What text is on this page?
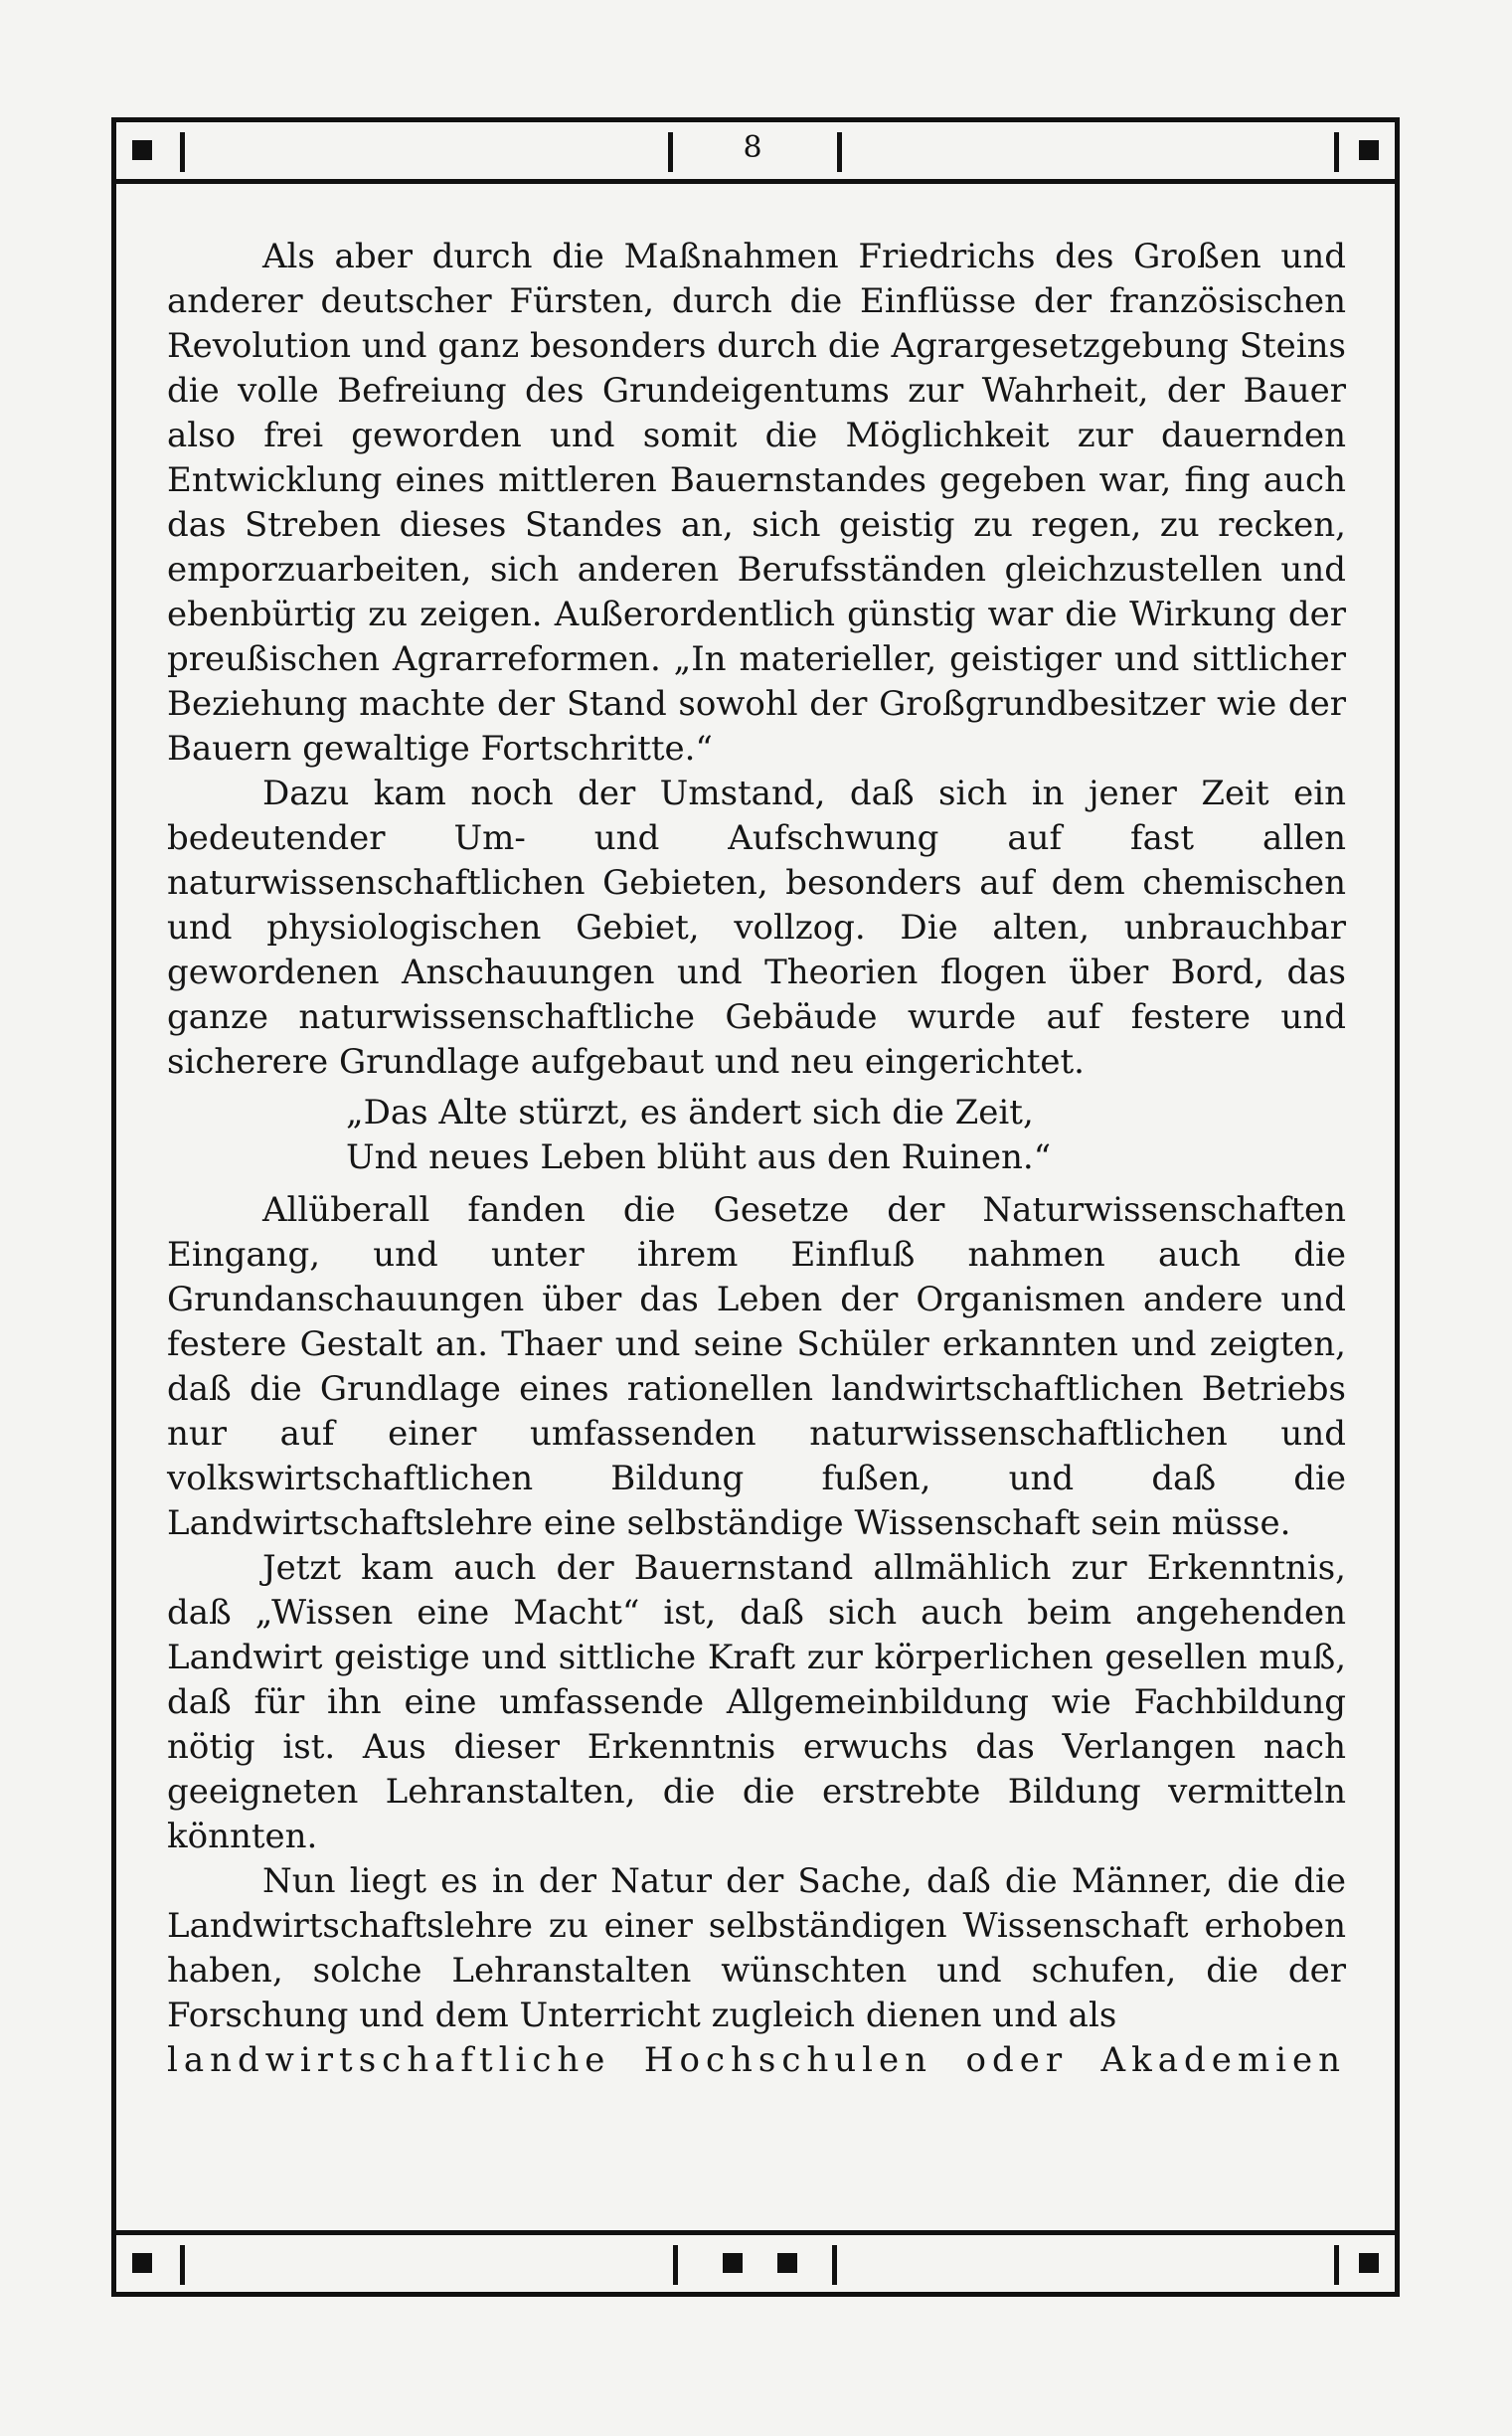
8

Als aber durch die Maßnahmen Friedrichs des Großen und anderer deutscher Fürsten, durch die Einflüsse der französischen Revolution und ganz besonders durch die Agrargesetzgebung Steins die volle Befreiung des Grundeigentums zur Wahrheit, der Bauer also frei geworden und somit die Möglichkeit zur dauernden Entwicklung eines mittleren Bauernstandes gegeben war, fing auch das Streben dieses Standes an, sich geistig zu regen, zu recken, emporzuarbeiten, sich anderen Berufsständen gleichzustellen und ebenbürtig zu zeigen. Außerordentlich günstig war die Wirkung der preußischen Agrarreformen. „In materieller, geistiger und sittlicher Beziehung machte der Stand sowohl der Großgrundbesitzer wie der Bauern gewaltige Fortschritte.“

Dazu kam noch der Umstand, daß sich in jener Zeit ein bedeutender Um- und Aufschwung auf fast allen naturwissenschaftlichen Gebieten, besonders auf dem chemischen und physiologischen Gebiet, vollzog. Die alten, unbrauchbar gewordenen Anschauungen und Theorien flogen über Bord, das ganze naturwissenschaftliche Gebäude wurde auf festere und sicherere Grundlage aufgebaut und neu eingerichtet.

„Das Alte stürzt, es ändert sich die Zeit,

Und neues Leben blüht aus den Ruinen.“

Allüberall fanden die Gesetze der Naturwissenschaften Eingang, und unter ihrem Einfluß nahmen auch die Grundanschauungen über das Leben der Organismen andere und festere Gestalt an. Thaer und seine Schüler erkannten und zeigten, daß die Grundlage eines rationellen landwirtschaftlichen Betriebs nur auf einer umfassenden naturwissenschaftlichen und volkswirtschaftlichen Bildung fußen, und daß die Landwirtschaftslehre eine selbständige Wissenschaft sein müsse.

Jetzt kam auch der Bauernstand allmählich zur Erkenntnis, daß „Wissen eine Macht“ ist, daß sich auch beim angehenden Landwirt geistige und sittliche Kraft zur körperlichen gesellen muß, daß für ihn eine umfassende Allgemeinbildung wie Fachbildung nötig ist. Aus dieser Erkenntnis erwuchs das Verlangen nach geeigneten Lehranstalten, die die erstrebte Bildung vermitteln könnten.

Nun liegt es in der Natur der Sache, daß die Männer, die die Landwirtschaftslehre zu einer selbständigen Wissenschaft erhoben haben, solche Lehranstalten wünschten und schufen, die der Forschung und dem Unterricht zugleich dienen und als

landwirtschaftliche Hochschulen oder Akademien
